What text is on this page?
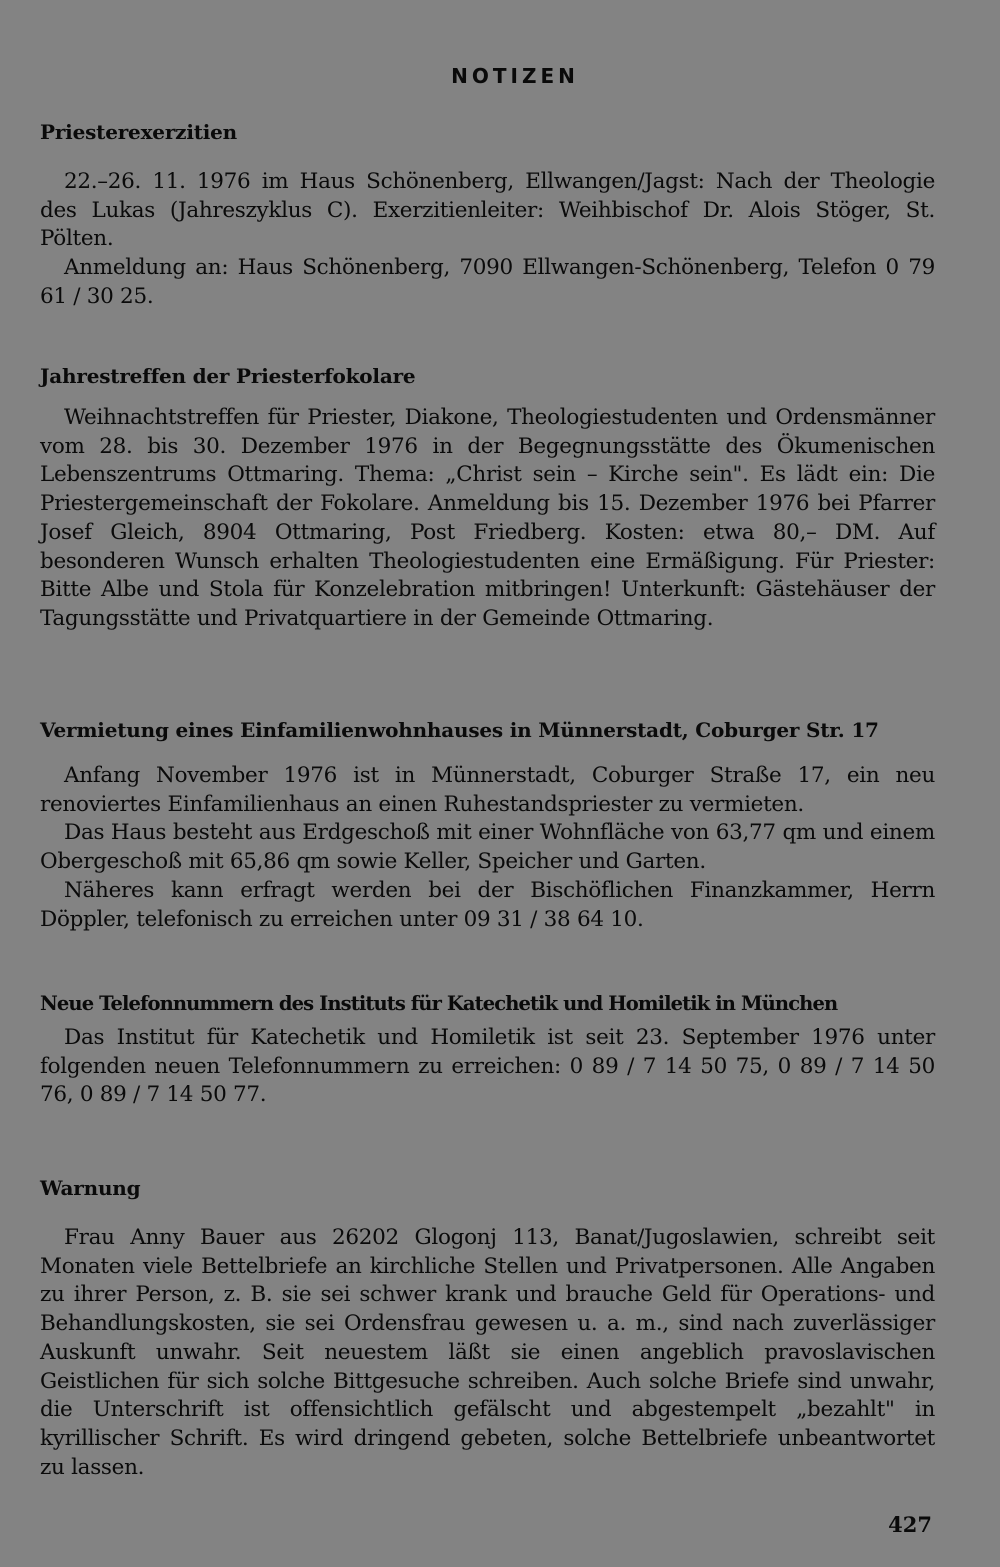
NOTIZEN
Priesterexerzitien

22.–26. 11. 1976 im Haus Schönenberg, Ellwangen/Jagst: Nach der Theologie des Lukas (Jahreszyklus C). Exerzitienleiter: Weihbischof Dr. Alois Stöger, St. Pölten.

Anmeldung an: Haus Schönenberg, 7090 Ellwangen-Schönenberg, Telefon 0 79 61 / 30 25.

Jahrestreffen der Priesterfokolare

Weihnachtstreffen für Priester, Diakone, Theologiestudenten und Ordensmänner vom 28. bis 30. Dezember 1976 in der Begegnungsstätte des Ökumenischen Lebenszentrums Ottmaring. Thema: „Christ sein – Kirche sein". Es lädt ein: Die Priestergemeinschaft der Fokolare. Anmeldung bis 15. Dezember 1976 bei Pfarrer Josef Gleich, 8904 Ottmaring, Post Friedberg. Kosten: etwa 80,– DM. Auf besonderen Wunsch erhalten Theologiestudenten eine Ermäßigung. Für Priester: Bitte Albe und Stola für Konzelebration mitbringen! Unterkunft: Gästehäuser der Tagungsstätte und Privatquartiere in der Gemeinde Ottmaring.

Vermietung eines Einfamilienwohnhauses in Münnerstadt, Coburger Str. 17

Anfang November 1976 ist in Münnerstadt, Coburger Straße 17, ein neu renoviertes Einfamilienhaus an einen Ruhestandspriester zu vermieten.

Das Haus besteht aus Erdgeschoß mit einer Wohnfläche von 63,77 qm und einem Obergeschoß mit 65,86 qm sowie Keller, Speicher und Garten.

Näheres kann erfragt werden bei der Bischöflichen Finanzkammer, Herrn Döppler, telefonisch zu erreichen unter 09 31 / 38 64 10.

Neue Telefonnummern des Instituts für Katechetik und Homiletik in München

Das Institut für Katechetik und Homiletik ist seit 23. September 1976 unter folgenden neuen Telefonnummern zu erreichen: 0 89 / 7 14 50 75, 0 89 / 7 14 50 76, 0 89 / 7 14 50 77.

Warnung

Frau Anny Bauer aus 26202 Glogonj 113, Banat/Jugoslawien, schreibt seit Monaten viele Bettelbriefe an kirchliche Stellen und Privatpersonen. Alle Angaben zu ihrer Person, z. B. sie sei schwer krank und brauche Geld für Operations- und Behandlungskosten, sie sei Ordensfrau gewesen u. a. m., sind nach zuverlässiger Auskunft unwahr. Seit neuestem läßt sie einen angeblich pravoslavischen Geistlichen für sich solche Bittgesuche schreiben. Auch solche Briefe sind unwahr, die Unterschrift ist offensichtlich gefälscht und abgestempelt „bezahlt" in kyrillischer Schrift. Es wird dringend gebeten, solche Bettelbriefe unbeantwortet zu lassen.

427
